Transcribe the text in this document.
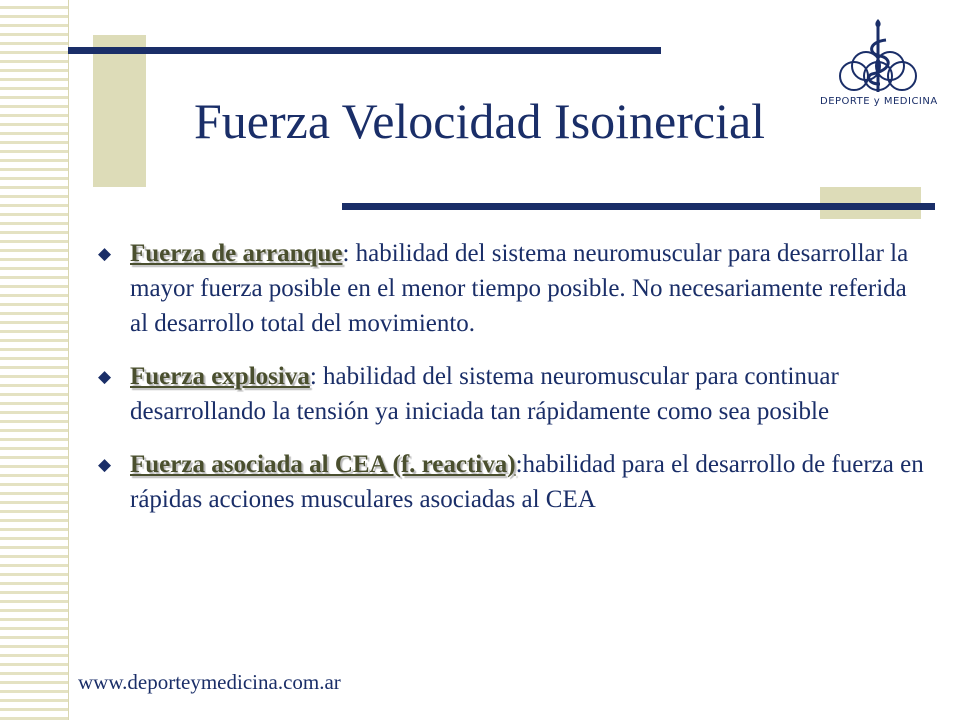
Fuerza Velocidad Isoinercial	DEPORTE y MEDICINA
◆ Fuerza de arranque: habilidad del sistema neuromuscular para desarrollar la mayor fuerza posible en el menor tiempo posible. No necesariamente referida al desarrollo total del movimiento.
◆ Fuerza explosiva: habilidad del sistema neuromuscular para continuar desarrollando la tensión ya iniciada tan rápidamente como sea posible
◆ Fuerza asociada al CEA (f. reactiva):habilidad para el desarrollo de fuerza en rápidas acciones musculares asociadas al CEA

www.deporteymedicina.com.ar
